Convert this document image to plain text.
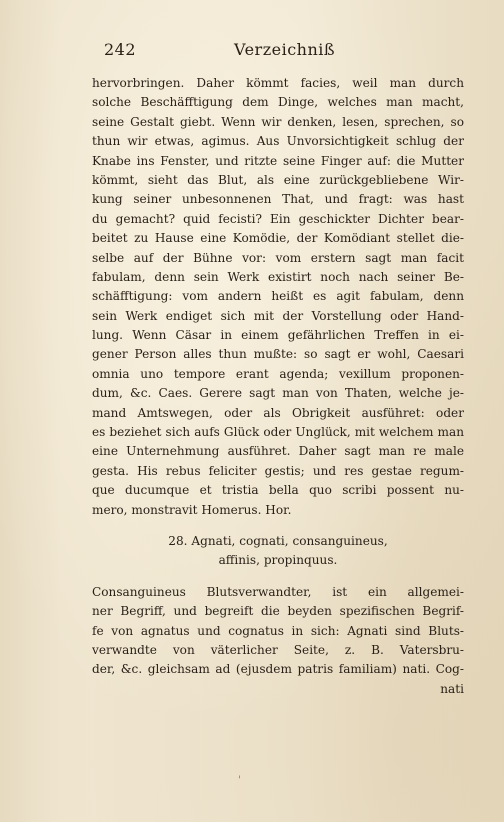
242	Verzeichniß
hervorbringen. Daher kömmt facies, weil man durch
solche Beschäfftigung dem Dinge, welches man macht,
seine Gestalt giebt. Wenn wir denken, lesen, sprechen, so
thun wir etwas, agimus. Aus Unvorsichtigkeit schlug der
Knabe ins Fenster, und ritzte seine Finger auf: die Mutter
kömmt, sieht das Blut, als eine zurückgebliebene Wir-
kung seiner unbesonnenen That, und fragt: was hast
du gemacht? quid fecisti? Ein geschickter Dichter bear-
beitet zu Hause eine Komödie, der Komödiant stellet die-
selbe auf der Bühne vor: vom erstern sagt man facit
fabulam, denn sein Werk existirt noch nach seiner Be-
schäfftigung: vom andern heißt es agit fabulam, denn
sein Werk endiget sich mit der Vorstellung oder Hand-
lung. Wenn Cäsar in einem gefährlichen Treffen in ei-
gener Person alles thun mußte: so sagt er wohl, Caesari
omnia uno tempore erant agenda; vexillum proponen-
dum, &c. Caes. Gerere sagt man von Thaten, welche je-
mand Amtswegen, oder als Obrigkeit ausführet: oder
es beziehet sich aufs Glück oder Unglück, mit welchem man
eine Unternehmung ausführet. Daher sagt man re male
gesta. His rebus feliciter gestis; und res gestae regum-
que ducumque et tristia bella quo scribi possent nu-
mero, monstravit Homerus. Hor.
28. Agnati, cognati, consanguineus,
affinis, propinquus.
Consanguineus Blutsverwandter, ist ein allgemei-
ner Begriff, und begreift die beyden spezifischen Begrif-
fe von agnatus und cognatus in sich: Agnati sind Bluts-
verwandte von väterlicher Seite, z. B. Vatersbru-
der, &c. gleichsam ad (ejusdem patris familiam) nati. Cog-
nati
'
